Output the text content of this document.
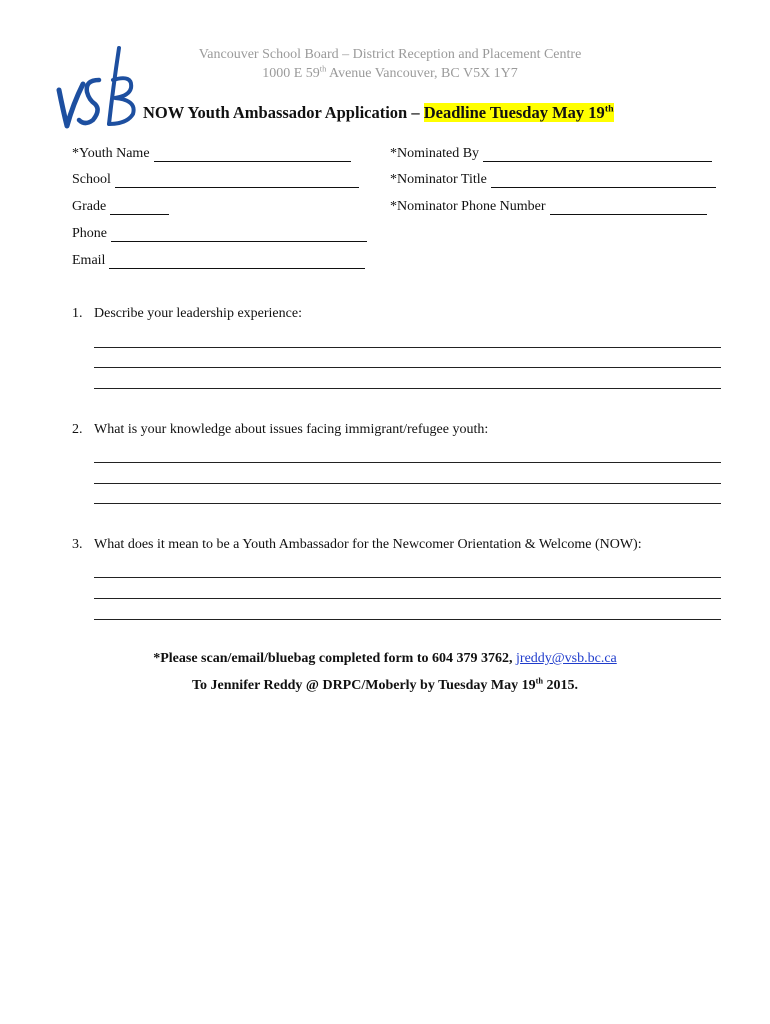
Vancouver School Board – District Reception and Placement Centre
1000 E 59th Avenue Vancouver, BC V5X 1Y7
NOW Youth Ambassador Application – Deadline Tuesday May 19th
*Youth Name
School
Grade
Phone
Email
*Nominated By
*Nominator Title
*Nominator Phone Number
1. Describe your leadership experience:
2. What is your knowledge about issues facing immigrant/refugee youth:
3. What does it mean to be a Youth Ambassador for the Newcomer Orientation & Welcome (NOW):
*Please scan/email/bluebag completed form to 604 379 3762, jreddy@vsb.bc.ca
To Jennifer Reddy @ DRPC/Moberly by Tuesday May 19th 2015.
